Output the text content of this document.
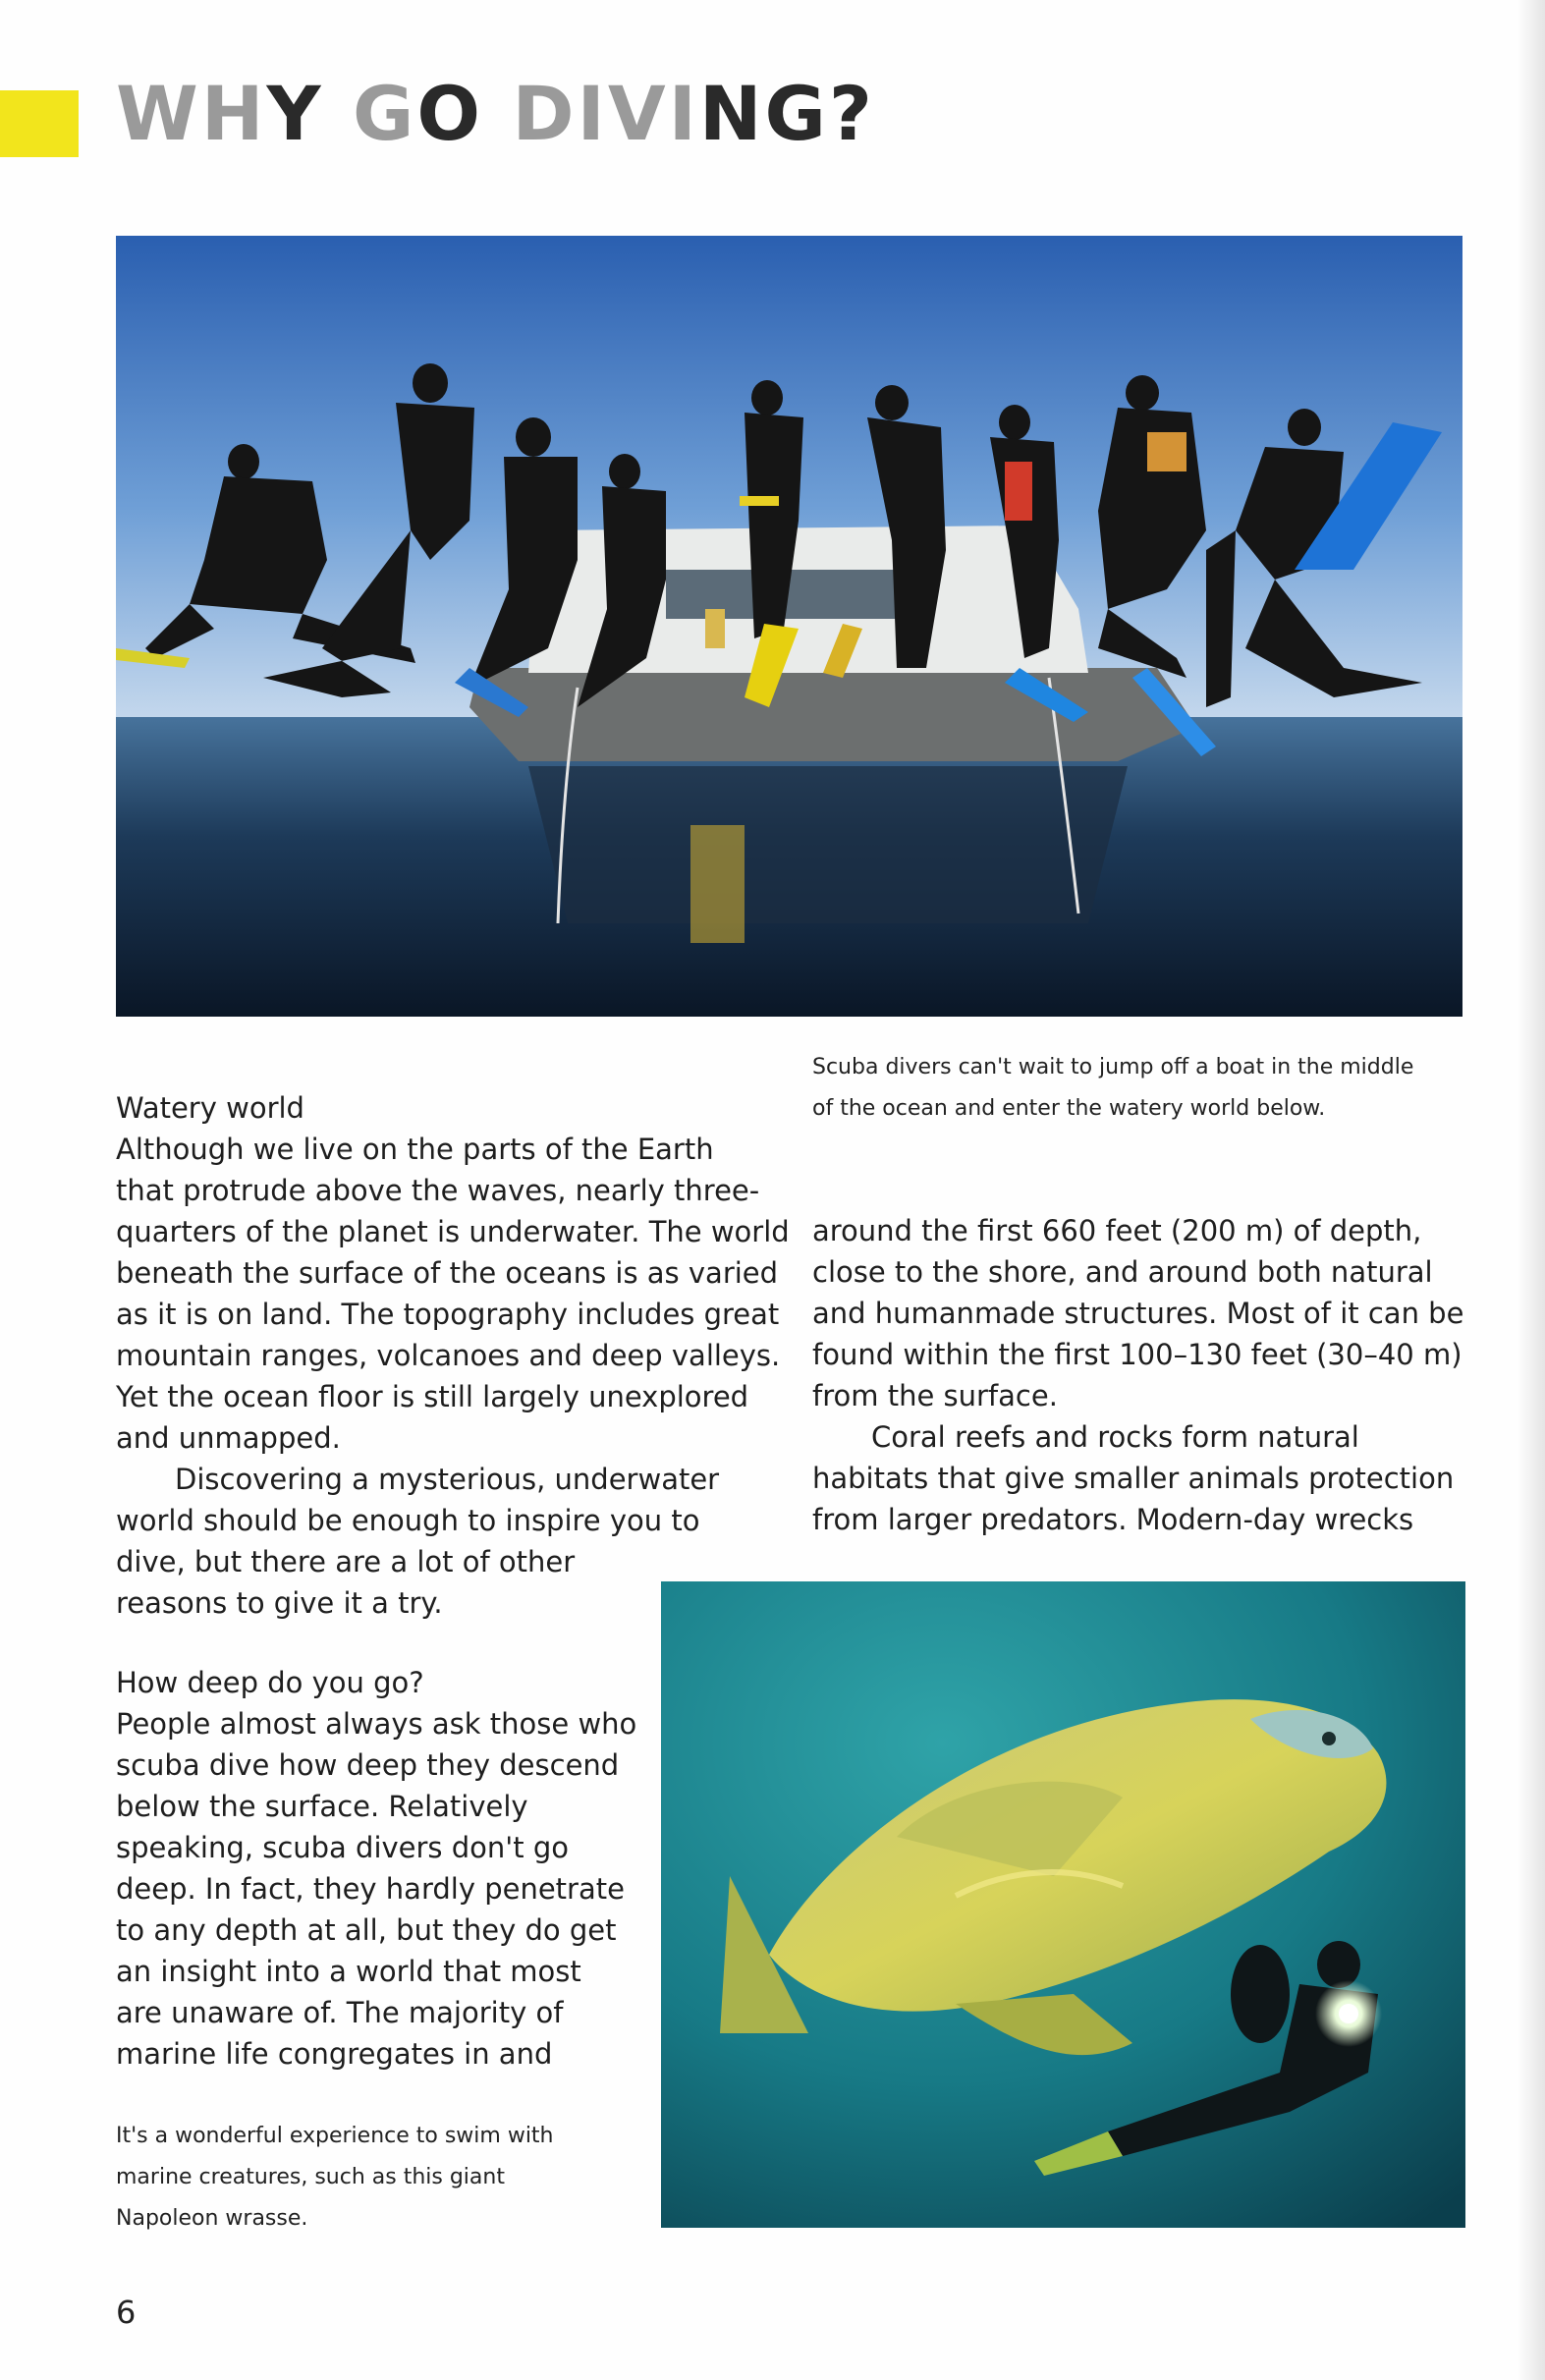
WHY GO DIVING?

Scuba divers can't wait to jump off a boat in the middle

of the ocean and enter the watery world below.

Watery world

Although we live on the parts of the Earth

that protrude above the waves, nearly three-

quarters of the planet is underwater. The world

beneath the surface of the oceans is as varied

as it is on land. The topography includes great

mountain ranges, volcanoes and deep valleys.

Yet the ocean floor is still largely unexplored

and unmapped.

Discovering a mysterious, underwater

world should be enough to inspire you to

dive, but there are a lot of other

reasons to give it a try.

How deep do you go?

People almost always ask those who

scuba dive how deep they descend

below the surface. Relatively

speaking, scuba divers don't go

deep. In fact, they hardly penetrate

to any depth at all, but they do get

an insight into a world that most

are unaware of. The majority of

marine life congregates in and

around the first 660 feet (200 m) of depth,

close to the shore, and around both natural

and humanmade structures. Most of it can be

found within the first 100–130 feet (30–40 m)

from the surface.

Coral reefs and rocks form natural

habitats that give smaller animals protection

from larger predators. Modern-day wrecks

It's a wonderful experience to swim with

marine creatures, such as this giant

Napoleon wrasse.

6
